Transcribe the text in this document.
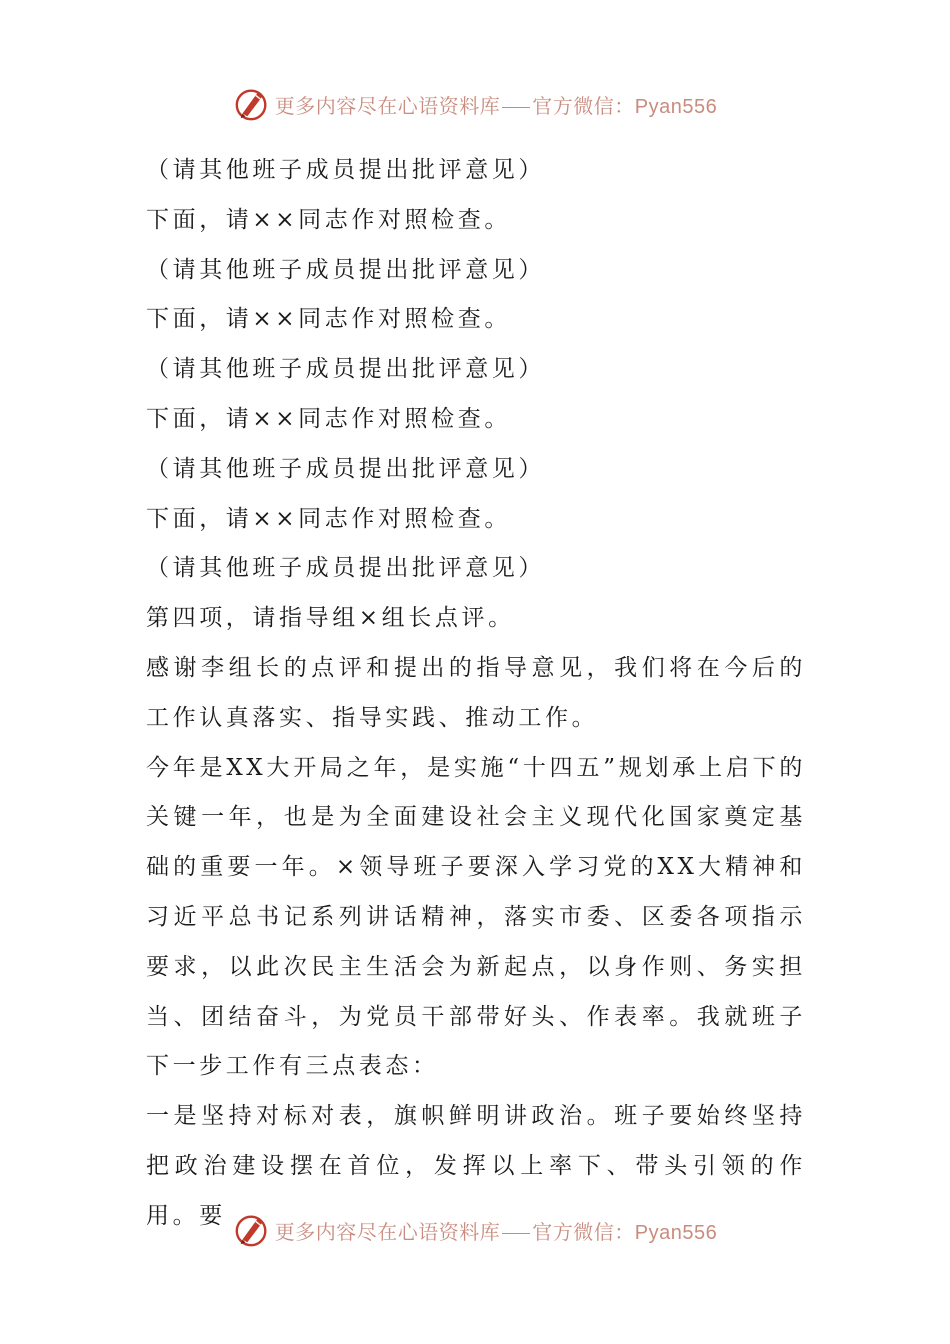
更多内容尽在心语资料库 官方微信：Pyan556

（请其他班子成员提出批评意见）

下面，请××同志作对照检查。

（请其他班子成员提出批评意见）

下面，请××同志作对照检查。

（请其他班子成员提出批评意见）

下面，请××同志作对照检查。

（请其他班子成员提出批评意见）

下面，请××同志作对照检查。

（请其他班子成员提出批评意见）

第四项，请指导组×组长点评。

感谢李组长的点评和提出的指导意见，我们将在今后的工作认真落实、指导实践、推动工作。

今年是XX大开局之年，是实施“十四五”规划承上启下的关键一年，也是为全面建设社会主义现代化国家奠定基础的重要一年。×领导班子要深入学习党的XX大精神和习近平总书记系列讲话精神，落实市委、区委各项指示要求，以此次民主生活会为新起点，以身作则、务实担当、团结奋斗，为党员干部带好头、作表率。我就班子下一步工作有三点表态：

一是坚持对标对表，旗帜鲜明讲政治。班子要始终坚持把政治建设摆在首位，发挥以上率下、带头引领的作用。要

更多内容尽在心语资料库 官方微信：Pyan556
